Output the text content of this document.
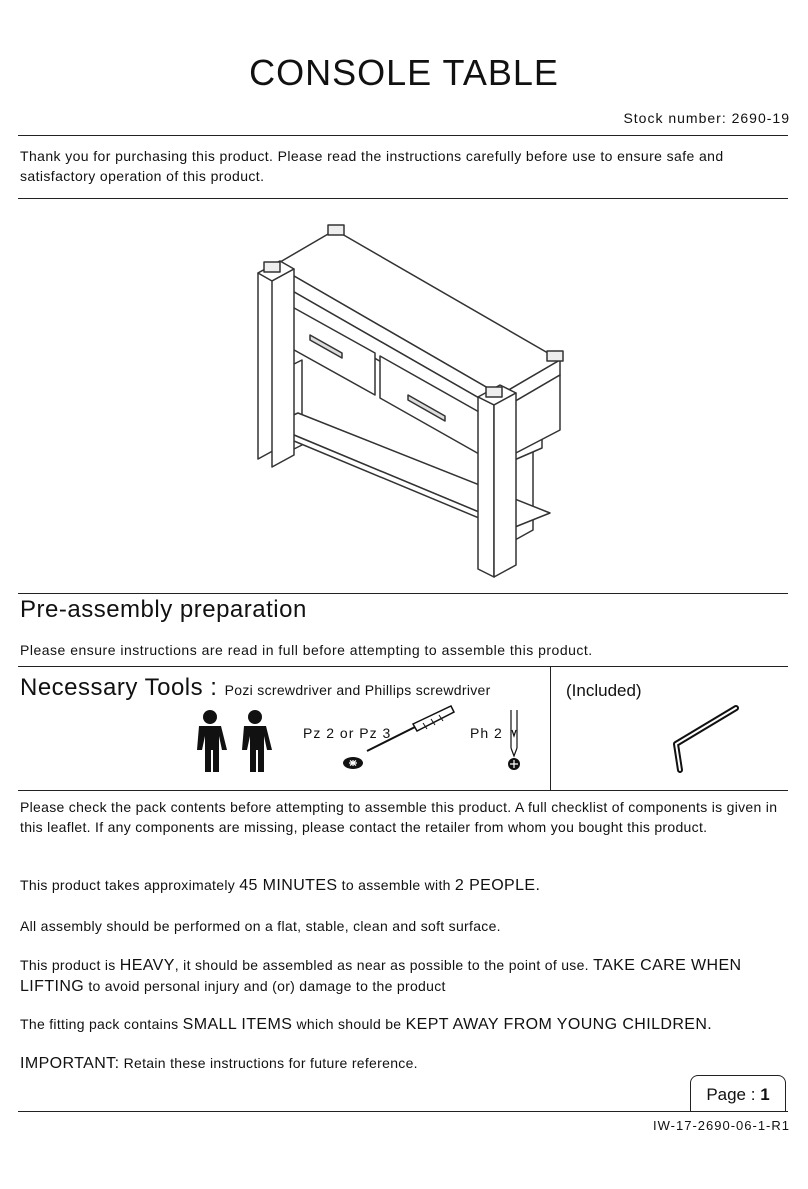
CONSOLE TABLE
Stock number: 2690-19
Thank you for purchasing this product. Please read the instructions carefully before use to ensure safe and satisfactory operation of this product.
Pre-assembly preparation
Please ensure instructions are read in full before attempting to assemble this product.
Necessary Tools : Pozi screwdriver and Phillips screwdriver	(Included)
Pz 2 or Pz 3	Ph 2
Please check the pack contents before attempting to assemble this product. A full checklist of components is given in this leaflet. If any components are missing, please contact the retailer from whom you bought this product.
This product takes approximately 45 MINUTES to assemble with 2 PEOPLE.
All assembly should be performed on a flat, stable, clean and soft surface.
This product is HEAVY, it should be assembled as near as possible to the point of use. TAKE CARE WHEN LIFTING to avoid personal injury and (or) damage to the product
The fitting pack contains SMALL ITEMS which should be KEPT AWAY FROM YOUNG CHILDREN.
IMPORTANT: Retain these instructions for future reference.
Page : 1
IW-17-2690-06-1-R1
